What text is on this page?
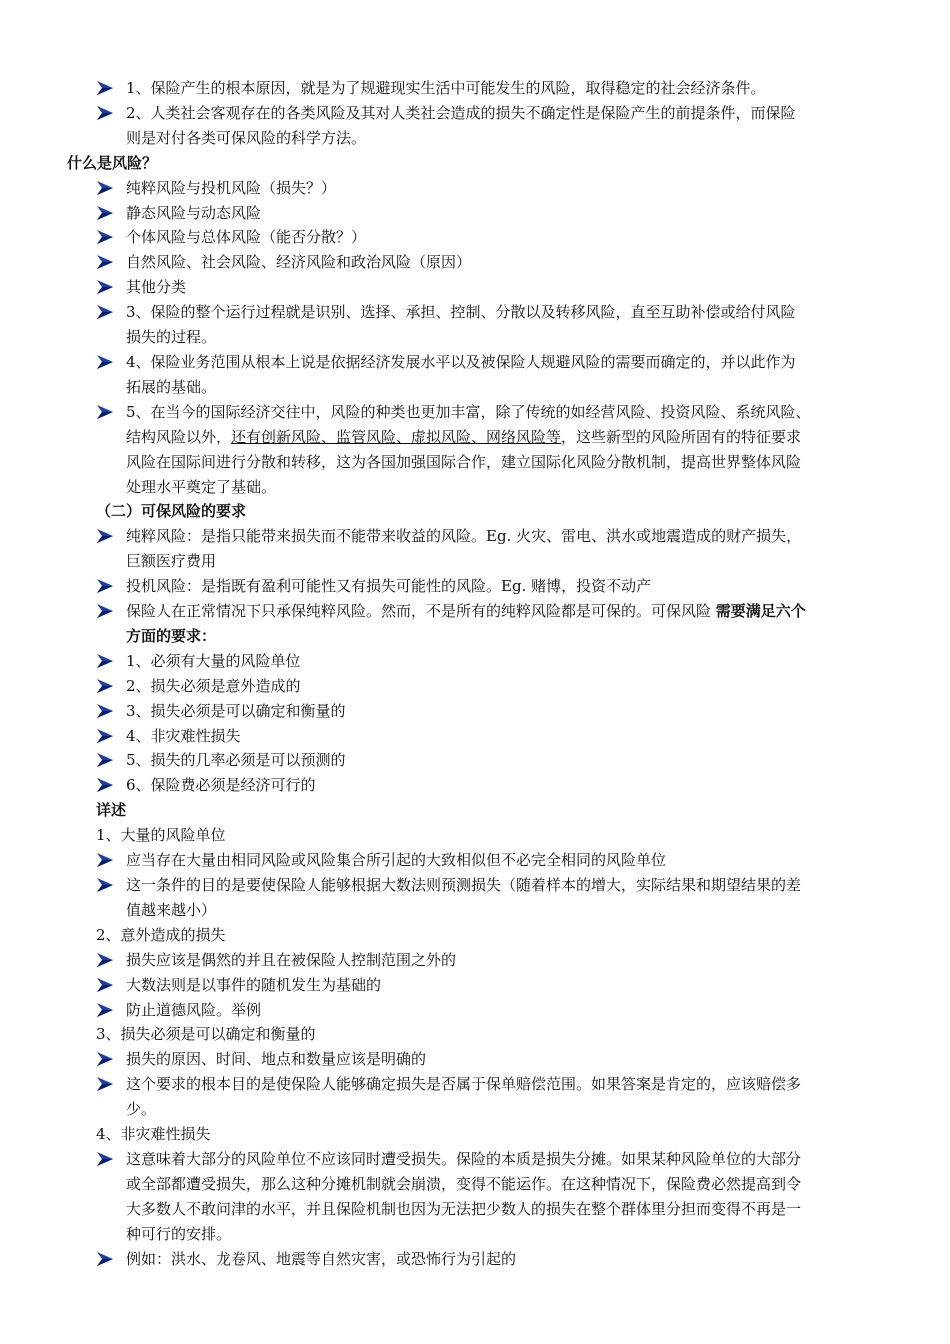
1、保险产生的根本原因，就是为了规避现实生活中可能发生的风险，取得稳定的社会经济条件。
2、人类社会客观存在的各类风险及其对人类社会造成的损失不确定性是保险产生的前提条件，而保险
则是对付各类可保风险的科学方法。
什么是风险？
纯粹风险与投机风险（损失？）
静态风险与动态风险
个体风险与总体风险（能否分散？）
自然风险、社会风险、经济风险和政治风险（原因）
其他分类
3、保险的整个运行过程就是识别、选择、承担、控制、分散以及转移风险，直至互助补偿或给付风险
损失的过程。
4、保险业务范围从根本上说是依据经济发展水平以及被保险人规避风险的需要而确定的，并以此作为
拓展的基础。
5、在当今的国际经济交往中，风险的种类也更加丰富，除了传统的如经营风险、投资风险、系统风险、
结构风险以外，还有创新风险、监管风险、虚拟风险、网络风险等，这些新型的风险所固有的特征要求
风险在国际间进行分散和转移，这为各国加强国际合作，建立国际化风险分散机制，提高世界整体风险
处理水平奠定了基础。
（二）可保风险的要求
纯粹风险：是指只能带来损失而不能带来收益的风险。Eg. 火灾、雷电、洪水或地震造成的财产损失，
巨额医疗费用
投机风险：是指既有盈利可能性又有损失可能性的风险。Eg. 赌博，投资不动产
保险人在正常情况下只承保纯粹风险。然而，不是所有的纯粹风险都是可保的。可保风险 需要满足六个
方面的要求：
1、必须有大量的风险单位
2、损失必须是意外造成的
3、损失必须是可以确定和衡量的
4、非灾难性损失
5、损失的几率必须是可以预测的
6、保险费必须是经济可行的
详述
1、大量的风险单位
应当存在大量由相同风险或风险集合所引起的大致相似但不必完全相同的风险单位
这一条件的目的是要使保险人能够根据大数法则预测损失（随着样本的增大，实际结果和期望结果的差
值越来越小）
2、意外造成的损失
损失应该是偶然的并且在被保险人控制范围之外的
大数法则是以事件的随机发生为基础的
防止道德风险。举例
3、损失必须是可以确定和衡量的
损失的原因、时间、地点和数量应该是明确的
这个要求的根本目的是使保险人能够确定损失是否属于保单赔偿范围。如果答案是肯定的，应该赔偿多
少。
4、非灾难性损失
这意味着大部分的风险单位不应该同时遭受损失。保险的本质是损失分摊。如果某种风险单位的大部分
或全部都遭受损失，那么这种分摊机制就会崩溃，变得不能运作。在这种情况下，保险费必然提高到令
大多数人不敢问津的水平，并且保险机制也因为无法把少数人的损失在整个群体里分担而变得不再是一
种可行的安排。
例如：洪水、龙卷风、地震等自然灾害，或恐怖行为引起的
